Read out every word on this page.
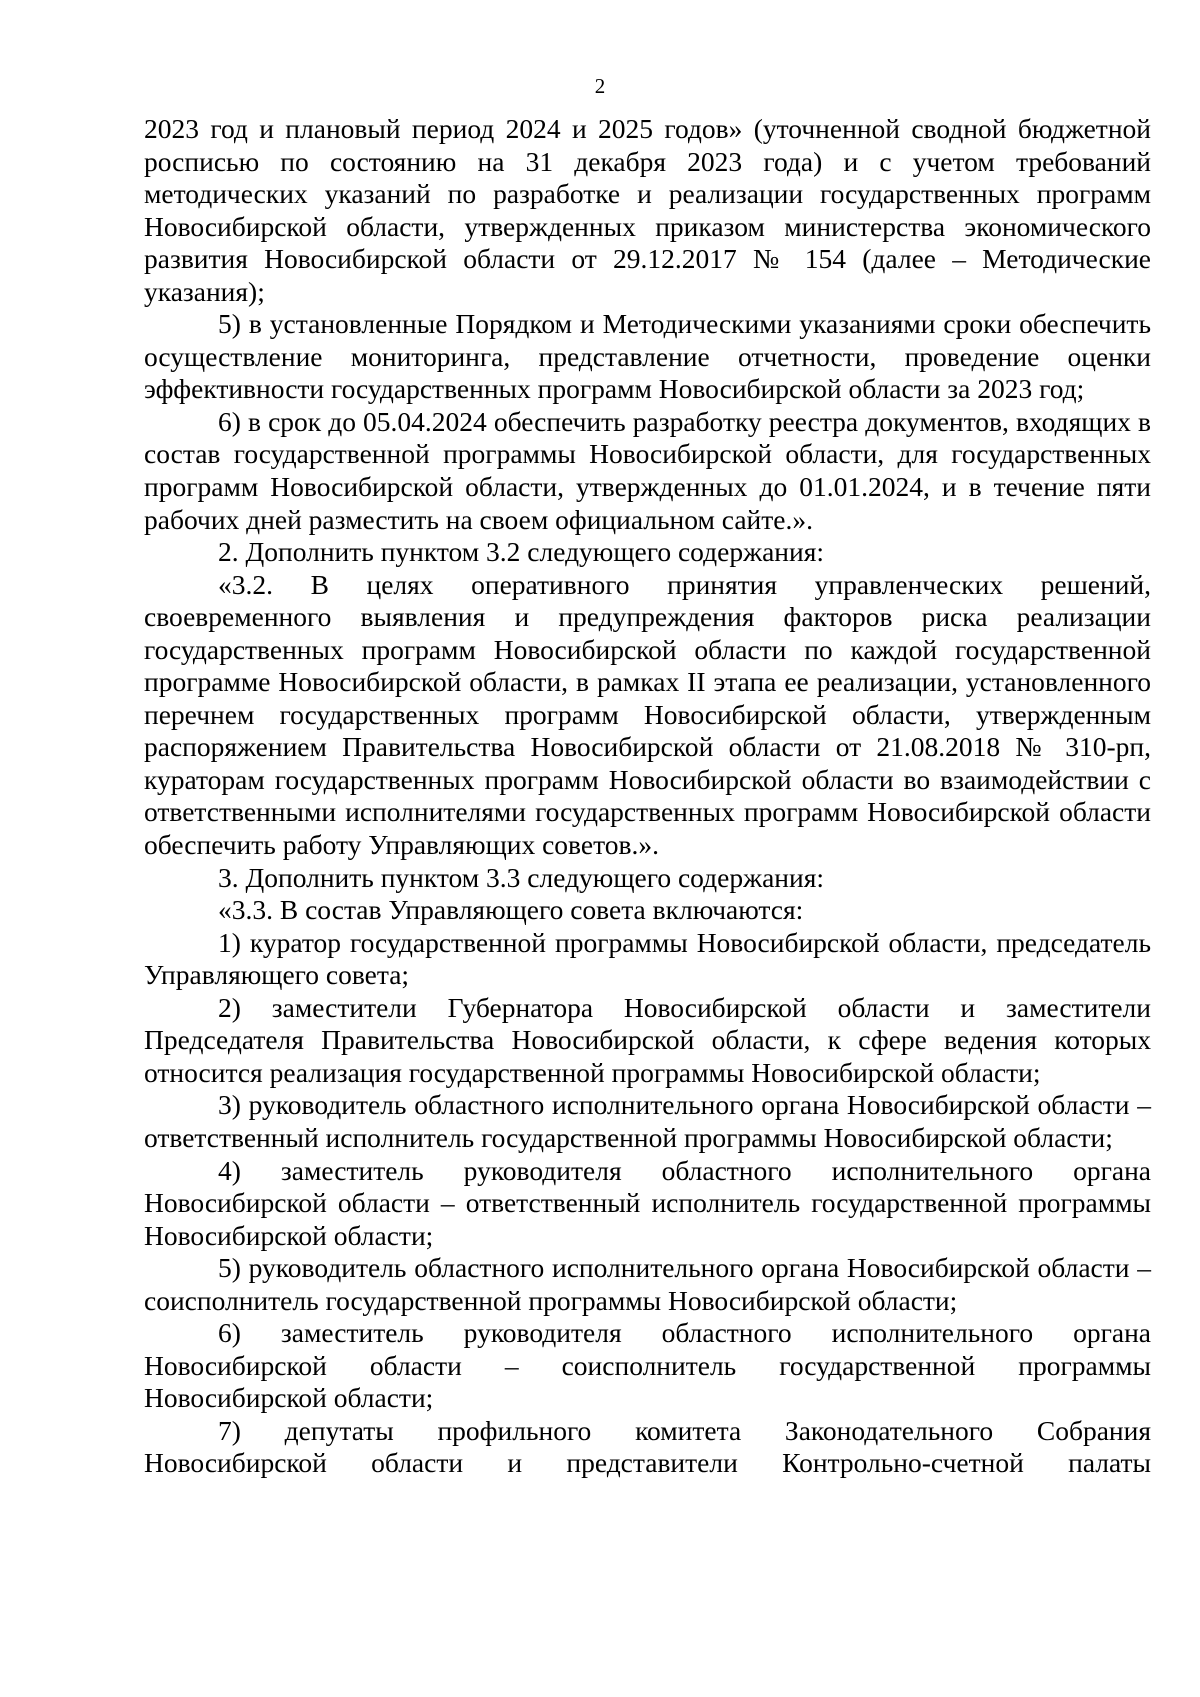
2

2023 год и плановый период 2024 и 2025 годов» (уточненной сводной бюджетной росписью по состоянию на 31 декабря 2023 года) и с учетом требований методических указаний по разработке и реализации государственных программ Новосибирской области, утвержденных приказом министерства экономического развития Новосибирской области от 29.12.2017 № 154 (далее – Методические указания);

5) в установленные Порядком и Методическими указаниями сроки обеспечить осуществление мониторинга, представление отчетности, проведение оценки эффективности государственных программ Новосибирской области за 2023 год;

6) в срок до 05.04.2024 обеспечить разработку реестра документов, входящих в состав государственной программы Новосибирской области, для государственных программ Новосибирской области, утвержденных до 01.01.2024, и в течение пяти рабочих дней разместить на своем официальном сайте.».

2. Дополнить пунктом 3.2 следующего содержания:

«3.2. В целях оперативного принятия управленческих решений, своевременного выявления и предупреждения факторов риска реализации государственных программ Новосибирской области по каждой государственной программе Новосибирской области, в рамках II этапа ее реализации, установленного перечнем государственных программ Новосибирской области, утвержденным распоряжением Правительства Новосибирской области от 21.08.2018 № 310-рп, кураторам государственных программ Новосибирской области во взаимодействии с ответственными исполнителями государственных программ Новосибирской области обеспечить работу Управляющих советов.».

3. Дополнить пунктом 3.3 следующего содержания:

«3.3. В состав Управляющего совета включаются:

1) куратор государственной программы Новосибирской области, председатель Управляющего совета;

2) заместители Губернатора Новосибирской области и заместители Председателя Правительства Новосибирской области, к сфере ведения которых относится реализация государственной программы Новосибирской области;

3) руководитель областного исполнительного органа Новосибирской области – ответственный исполнитель государственной программы Новосибирской области;

4) заместитель руководителя областного исполнительного органа Новосибирской области – ответственный исполнитель государственной программы Новосибирской области;

5) руководитель областного исполнительного органа Новосибирской области – соисполнитель государственной программы Новосибирской области;

6) заместитель руководителя областного исполнительного органа Новосибирской области – соисполнитель государственной программы Новосибирской области;

7) депутаты профильного комитета Законодательного Собрания Новосибирской области и представители Контрольно-счетной палаты
